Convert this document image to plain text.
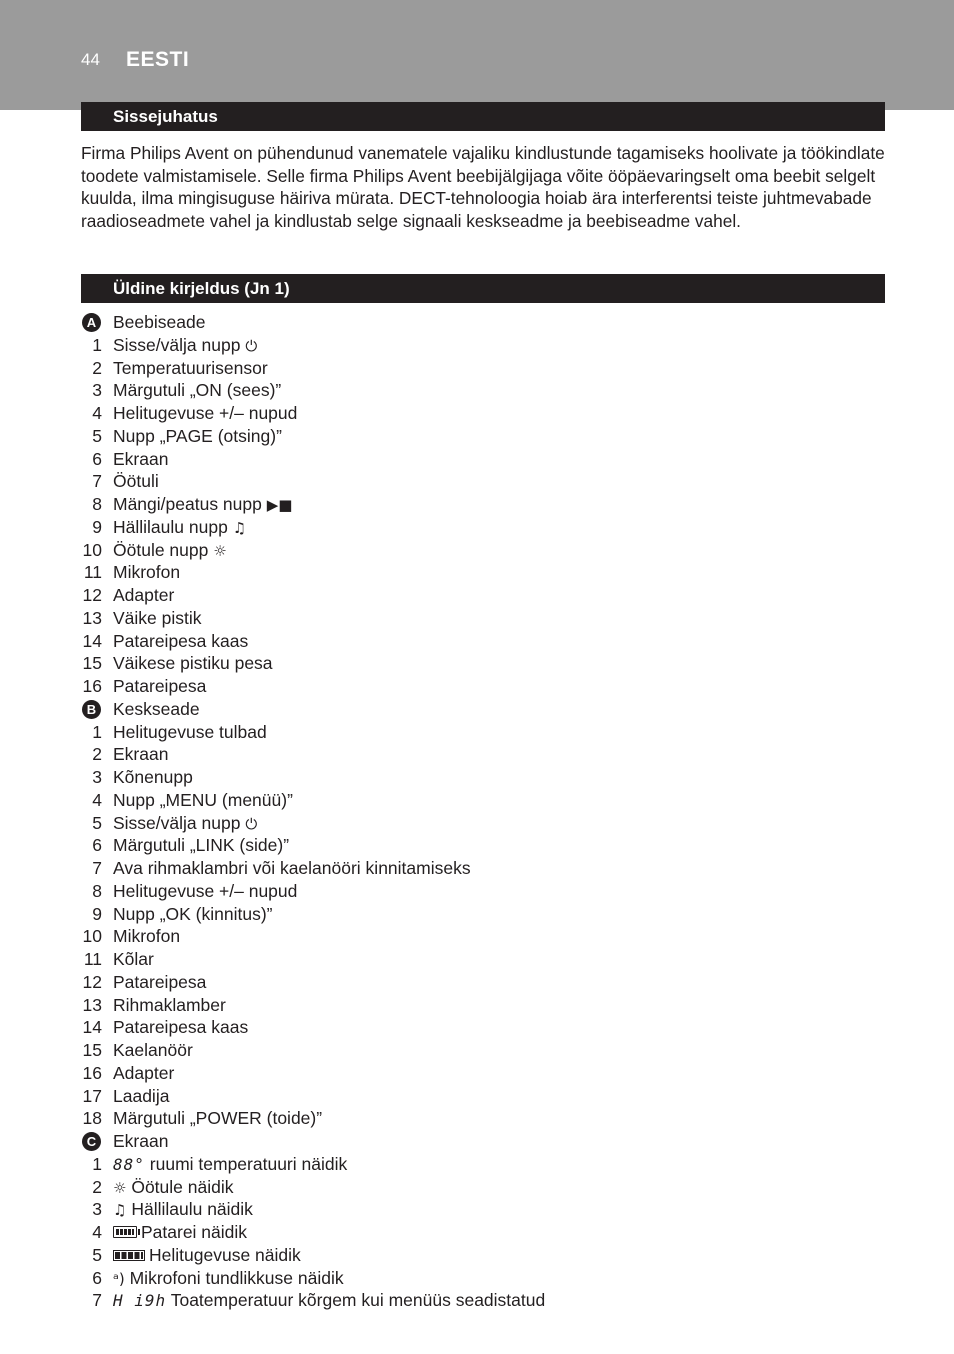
44 EESTI
Sissejuhatus

Firma Philips Avent on pühendunud vanematele vajaliku kindlustunde tagamiseks hoolivate ja töökindlate toodete valmistamisele. Selle firma Philips Avent beebijälgijaga võite ööpäevaringselt oma beebit selgelt kuulda, ilma mingisuguse häiriva mürata. DECT-tehnoloogia hoiab ära interferentsi teiste juhtmevabade raadioseadmete vahel ja kindlustab selge signaali keskseadme ja beebiseadme vahel.

Üldine kirjeldus (Jn 1)
A Beebiseade
1 Sisse/välja nupp ⏻
2 Temperatuurisensor
3 Märgutuli „ON (sees)”
4 Helitugevuse +/– nupud
5 Nupp „PAGE (otsing)”
6 Ekraan
7 Öötuli
8 Mängi/peatus nupp ▶■
9 Hällilaulu nupp ♫
10 Öötule nupp ☼
11 Mikrofon
12 Adapter
13 Väike pistik
14 Patareipesa kaas
15 Väikese pistiku pesa
16 Patareipesa
B Keskseade
1 Helitugevuse tulbad
2 Ekraan
3 Kõnenupp
4 Nupp „MENU (menüü)”
5 Sisse/välja nupp ⏻
6 Märgutuli „LINK (side)”
7 Ava rihmaklambri või kaelanööri kinnitamiseks
8 Helitugevuse +/– nupud
9 Nupp „OK (kinnitus)”
10 Mikrofon
11 Kõlar
12 Patareipesa
13 Rihmaklamber
14 Patareipesa kaas
15 Kaelanöör
16 Adapter
17 Laadija
18 Märgutuli „POWER (toide)”
C Ekraan
1 88° ruumi temperatuuri näidik
2 ☼ Öötule näidik
3 ♫ Hällilaulu näidik
4	Patarei näidik
5	Helitugevuse näidik
6 ᵃ) Mikrofoni tundlikkuse näidik
7 H i9h Toatemperatuur kõrgem kui menüüs seadistatud
